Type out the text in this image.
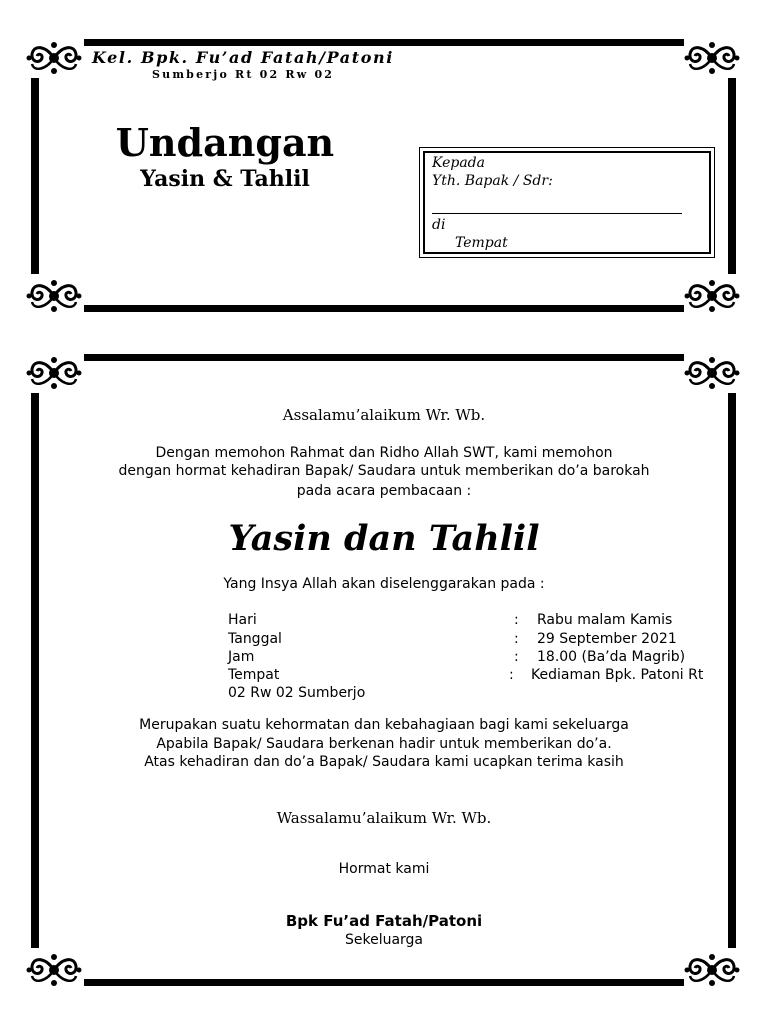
Kel. Bpk. Fu’ad Fatah/Patoni
Sumberjo Rt 02 Rw 02
Undangan
Yasin & Tahlil
Kepada
Yth. Bapak / Sdr:
di
Tempat
Assalamu’alaikum Wr. Wb.
Dengan memohon Rahmat dan Ridho Allah SWT, kami memohon
dengan hormat kehadiran Bapak/ Saudara untuk memberikan do’a barokah
pada acara pembacaan :
Yasin dan Tahlil
Yang Insya Allah akan diselenggarakan pada :
Hari	: Rabu malam Kamis
Tanggal	: 29 September 2021
Jam	: 18.00 (Ba’da Magrib)
Tempat	: Kediaman Bpk. Patoni Rt
02 Rw 02 Sumberjo
Merupakan suatu kehormatan dan kebahagiaan bagi kami sekeluarga
Apabila Bapak/ Saudara berkenan hadir untuk memberikan do’a.
Atas kehadiran dan do’a Bapak/ Saudara kami ucapkan terima kasih
Wassalamu’alaikum Wr. Wb.
Hormat kami
Bpk Fu’ad Fatah/Patoni
Sekeluarga
